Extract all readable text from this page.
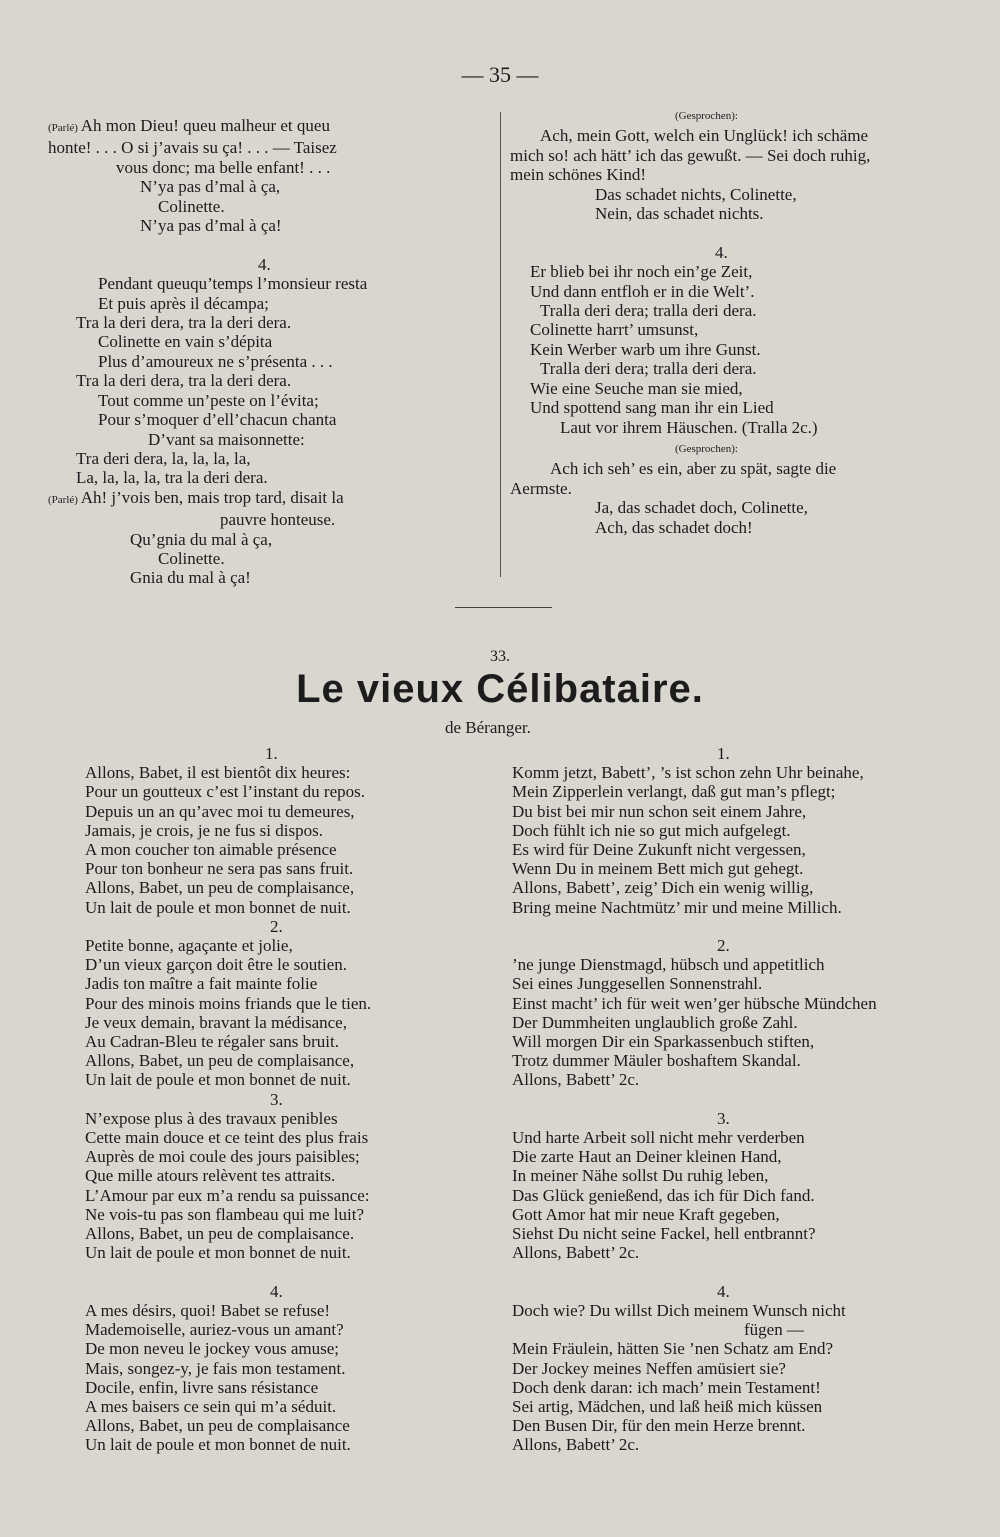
— 35 —
(Parlé) Ah mon Dieu! queu malheur et queu
honte! . . . O si j’avais su ça! . . . — Taisez
vous donc; ma belle enfant! . . .
N’ya pas d’mal à ça,
Colinette.
N’ya pas d’mal à ça!

4.
Pendant queuqu’temps l’monsieur resta
Et puis après il décampa;
Tra la deri dera, tra la deri dera.
Colinette en vain s’dépita
Plus d’amoureux ne s’présenta . . .
Tra la deri dera, tra la deri dera.
Tout comme un’peste on l’évita;
Pour s’moquer d’ell’chacun chanta
D’vant sa maisonnette:
Tra deri dera, la, la, la, la,
La, la, la, la, tra la deri dera.
(Parlé) Ah! j’vois ben, mais trop tard, disait la
pauvre honteuse.
Qu’gnia du mal à ça,
Colinette.
Gnia du mal à ça!
(Gesprochen):
Ach, mein Gott, welch ein Unglück! ich schäme
mich so! ach hätt’ ich das gewußt. — Sei doch ruhig,
mein schönes Kind!
Das schadet nichts, Colinette,
Nein, das schadet nichts.

4.
Er blieb bei ihr noch ein’ge Zeit,
Und dann entfloh er in die Welt’.
Tralla deri dera; tralla deri dera.
Colinette harrt’ umsunst,
Kein Werber warb um ihre Gunst.
Tralla deri dera; tralla deri dera.
Wie eine Seuche man sie mied,
Und spottend sang man ihr ein Lied
Laut vor ihrem Häuschen. (Tralla 2c.)
(Gesprochen):
Ach ich seh’ es ein, aber zu spät, sagte die
Aermste.
Ja, das schadet doch, Colinette,
Ach, das schadet doch!
33.
Le vieux Célibataire.
de Béranger.
1.
Allons, Babet, il est bientôt dix heures:
Pour un goutteux c’est l’instant du repos.
Depuis un an qu’avec moi tu demeures,
Jamais, je crois, je ne fus si dispos.
A mon coucher ton aimable présence
Pour ton bonheur ne sera pas sans fruit.
Allons, Babet, un peu de complaisance,
Un lait de poule et mon bonnet de nuit.
2.
Petite bonne, agaçante et jolie,
D’un vieux garçon doit être le soutien.
Jadis ton maître a fait mainte folie
Pour des minois moins friands que le tien.
Je veux demain, bravant la médisance,
Au Cadran-Bleu te régaler sans bruit.
Allons, Babet, un peu de complaisance,
Un lait de poule et mon bonnet de nuit.
3.
N’expose plus à des travaux penibles
Cette main douce et ce teint des plus frais
Auprès de moi coule des jours paisibles;
Que mille atours relèvent tes attraits.
L’Amour par eux m’a rendu sa puissance:
Ne vois-tu pas son flambeau qui me luit?
Allons, Babet, un peu de complaisance.
Un lait de poule et mon bonnet de nuit.

4.
A mes désirs, quoi! Babet se refuse!
Mademoiselle, auriez-vous un amant?
De mon neveu le jockey vous amuse;
Mais, songez-y, je fais mon testament.
Docile, enfin, livre sans résistance
A mes baisers ce sein qui m’a séduit.
Allons, Babet, un peu de complaisance
Un lait de poule et mon bonnet de nuit.
1.
Komm jetzt, Babett’, ’s ist schon zehn Uhr beinahe,
Mein Zipperlein verlangt, daß gut man’s pflegt;
Du bist bei mir nun schon seit einem Jahre,
Doch fühlt ich nie so gut mich aufgelegt.
Es wird für Deine Zukunft nicht vergessen,
Wenn Du in meinem Bett mich gut gehegt.
Allons, Babett’, zeig’ Dich ein wenig willig,
Bring meine Nachtmütz’ mir und meine Millich.

2.
’ne junge Dienstmagd, hübsch und appetitlich
Sei eines Junggesellen Sonnenstrahl.
Einst macht’ ich für weit wen’ger hübsche Mündchen
Der Dummheiten unglaublich große Zahl.
Will morgen Dir ein Sparkassenbuch stiften,
Trotz dummer Mäuler boshaftem Skandal.
Allons, Babett’ 2c.

3.
Und harte Arbeit soll nicht mehr verderben
Die zarte Haut an Deiner kleinen Hand,
In meiner Nähe sollst Du ruhig leben,
Das Glück genießend, das ich für Dich fand.
Gott Amor hat mir neue Kraft gegeben,
Siehst Du nicht seine Fackel, hell entbrannt?
Allons, Babett’ 2c.

4.
Doch wie? Du willst Dich meinem Wunsch nicht
fügen —
Mein Fräulein, hätten Sie ’nen Schatz am End?
Der Jockey meines Neffen amüsiert sie?
Doch denk daran: ich mach’ mein Testament!
Sei artig, Mädchen, und laß heiß mich küssen
Den Busen Dir, für den mein Herze brennt.
Allons, Babett’ 2c.
